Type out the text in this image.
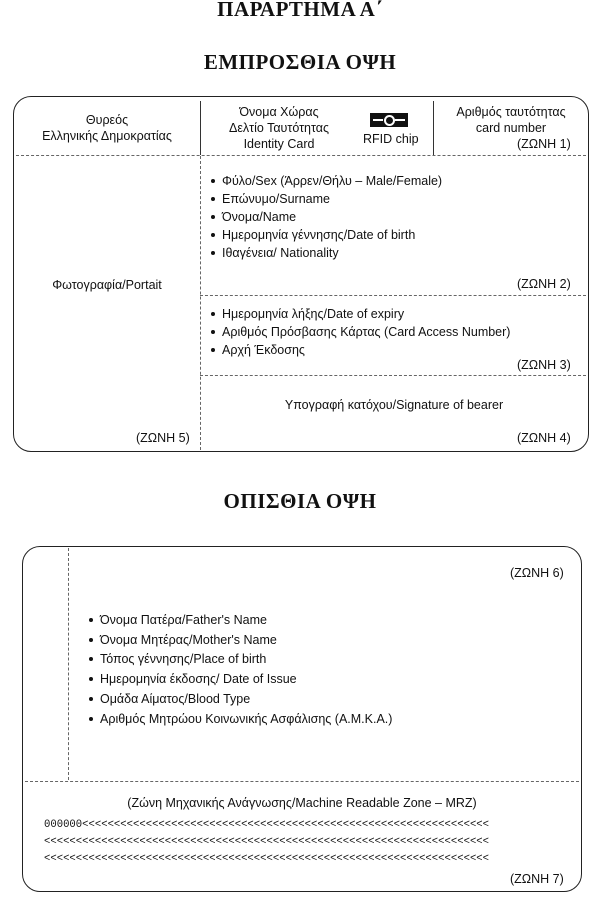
ΠΑΡΑΡΤΗΜΑ Α΄
ΕΜΠΡΟΣΘΙΑ ΟΨΗ
Θυρεός
Ελληνικής Δημοκρατίας
Όνομα Χώρας
Δελτίο Ταυτότητας
Identity Card	RFID chip
Αριθμός ταυτότητας
card number
(ΖΩΝΗ 1)
Φύλο/Sex (Άρρεν/Θήλυ – Male/Female)
Επώνυμο/Surname
Όνομα/Name
Ημερομηνία γέννησης/Date of birth
Ιθαγένεια/ Nationality
(ΖΩΝΗ 2)
Φωτογραφία/Portait
(ΖΩΝΗ 5)
Ημερομηνία λήξης/Date of expiry
Αριθμός Πρόσβασης Κάρτας (Card Access Number)
Αρχή Έκδοσης
(ΖΩΝΗ 3)
Υπογραφή κατόχου/Signature of bearer
(ΖΩΝΗ 4)
ΟΠΙΣΘΙΑ ΟΨΗ
(ΖΩΝΗ 6)
Όνομα Πατέρα/Father's Name
Όνομα Μητέρας/Mother's Name
Τόπος γέννησης/Place of birth
Ημερομηνία έκδοσης/ Date of Issue
Ομάδα Αίματος/Blood Type
Αριθμός Μητρώου Κοινωνικής Ασφάλισης (Α.Μ.Κ.Α.)
(Ζώνη Μηχανικής Ανάγνωσης/Machine Readable Zone – MRZ)
000000<<<<<<<<<<<<<<<<<<<<<<<<<<<<<<<<<<<<<<<<<<<<<<<<<<<<<<<<<<<<<<<<
<<<<<<<<<<<<<<<<<<<<<<<<<<<<<<<<<<<<<<<<<<<<<<<<<<<<<<<<<<<<<<<<<<<<<<
<<<<<<<<<<<<<<<<<<<<<<<<<<<<<<<<<<<<<<<<<<<<<<<<<<<<<<<<<<<<<<<<<<<<<<
(ΖΩΝΗ 7)
